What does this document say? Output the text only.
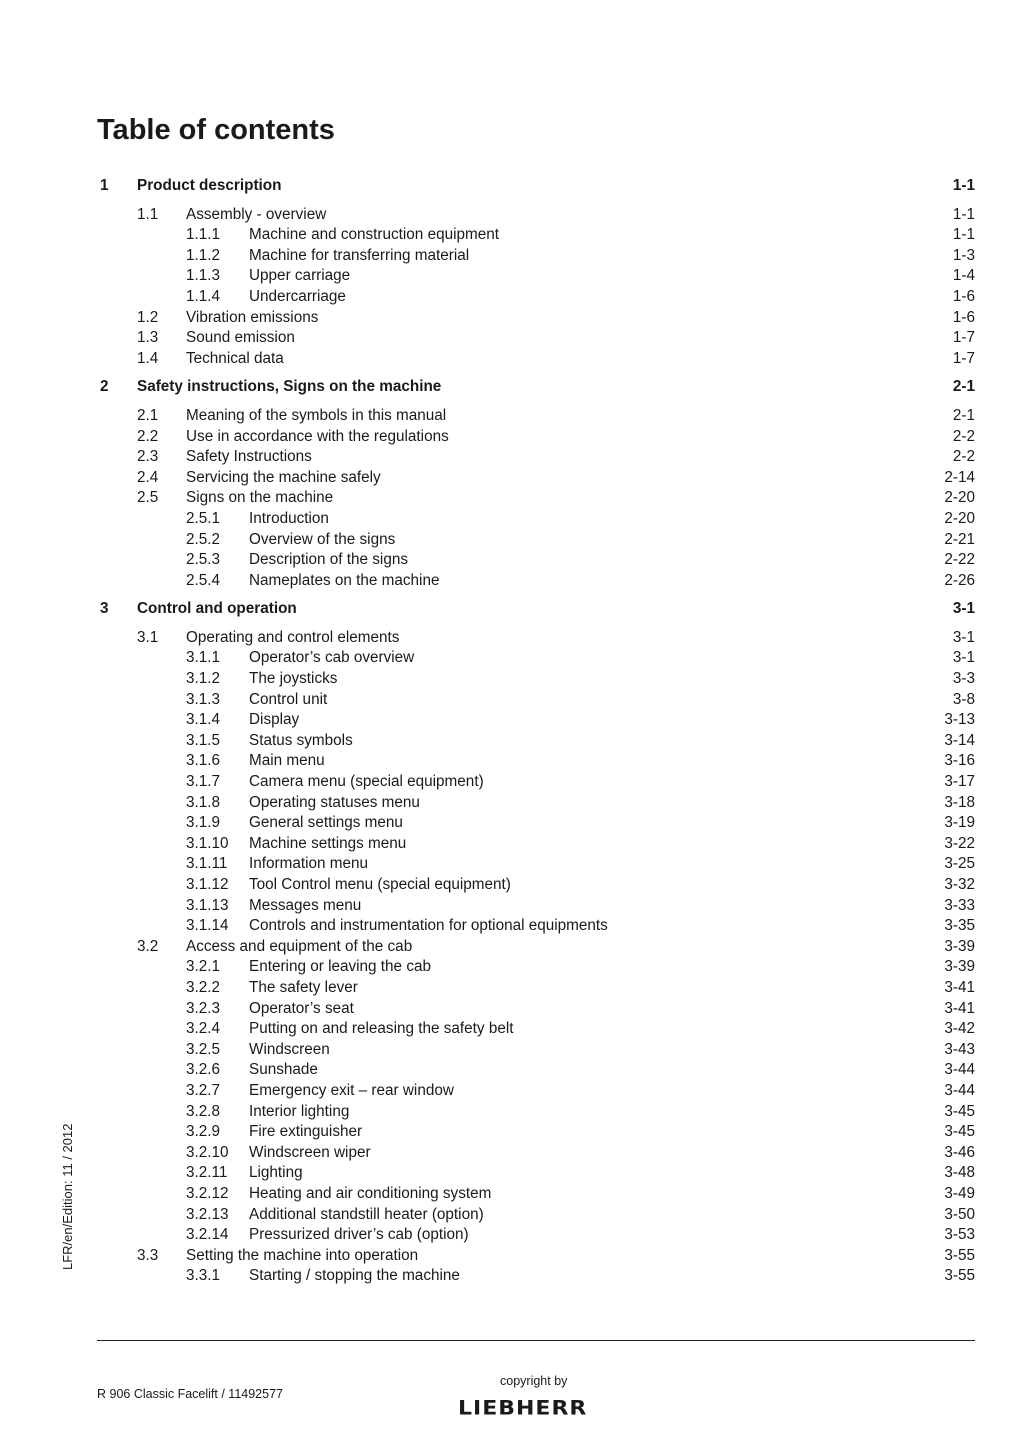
Table of contents
1 Product description	1-1
1.1 Assembly - overview	1-1
1.1.1 Machine and construction equipment	1-1
1.1.2 Machine for transferring material	1-3
1.1.3 Upper carriage	1-4
1.1.4 Undercarriage	1-6
1.2 Vibration emissions	1-6
1.3 Sound emission	1-7
1.4 Technical data	1-7
2 Safety instructions, Signs on the machine	2-1
2.1 Meaning of the symbols in this manual	2-1
2.2 Use in accordance with the regulations	2-2
2.3 Safety Instructions	2-2
2.4 Servicing the machine safely	2-14
2.5 Signs on the machine	2-20
2.5.1 Introduction	2-20
2.5.2 Overview of the signs	2-21
2.5.3 Description of the signs	2-22
2.5.4 Nameplates on the machine	2-26
3 Control and operation	3-1
3.1 Operating and control elements	3-1
3.1.1 Operator’s cab overview	3-1
3.1.2 The joysticks	3-3
3.1.3 Control unit	3-8
3.1.4 Display	3-13
3.1.5 Status symbols	3-14
3.1.6 Main menu	3-16
3.1.7 Camera menu (special equipment)	3-17
3.1.8 Operating statuses menu	3-18
3.1.9 General settings menu	3-19
3.1.10 Machine settings menu	3-22
3.1.11 Information menu	3-25
3.1.12 Tool Control menu (special equipment)	3-32
3.1.13 Messages menu	3-33
3.1.14 Controls and instrumentation for optional equipments	3-35
3.2 Access and equipment of the cab	3-39
3.2.1 Entering or leaving the cab	3-39
3.2.2 The safety lever	3-41
3.2.3 Operator’s seat	3-41
3.2.4 Putting on and releasing the safety belt	3-42
3.2.5 Windscreen	3-43
3.2.6 Sunshade	3-44
3.2.7 Emergency exit – rear window	3-44
3.2.8 Interior lighting	3-45
3.2.9 Fire extinguisher	3-45
3.2.10 Windscreen wiper	3-46
3.2.11 Lighting	3-48
3.2.12 Heating and air conditioning system	3-49
3.2.13 Additional standstill heater (option)	3-50
3.2.14 Pressurized driver’s cab (option)	3-53
3.3 Setting the machine into operation	3-55
3.3.1 Starting / stopping the machine	3-55
LFR/en/Edition: 11 / 2012
R 906 Classic Facelift / 11492577
copyright by
LIEBHERR
